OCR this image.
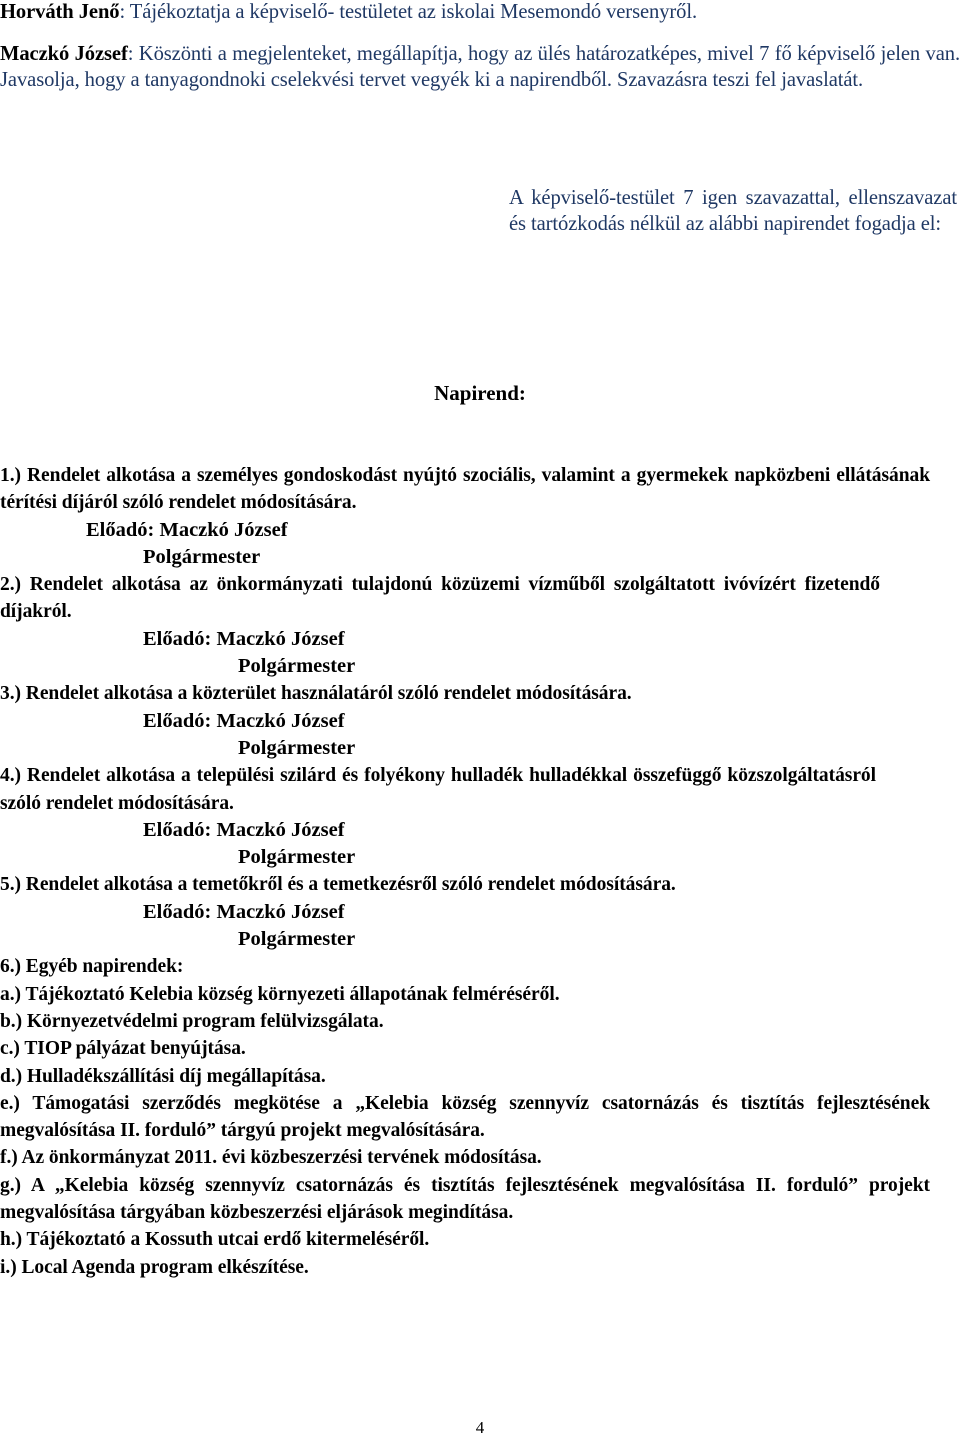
Horváth Jenő: Tájékoztatja a képviselő- testületet az iskolai Mesemondó versenyről.
Maczkó József: Köszönti a megjelenteket, megállapítja, hogy az ülés határozatképes, mivel 7 fő képviselő jelen van. Javasolja, hogy a tanyagondnoki cselekvési tervet vegyék ki a napirendből. Szavazásra teszi fel javaslatát.
A képviselő-testület 7 igen szavazattal, ellenszavazat és tartózkodás nélkül az alábbi napirendet fogadja el:
Napirend:
1.) Rendelet alkotása a személyes gondoskodást nyújtó szociális, valamint a gyermekek napközbeni ellátásának térítési díjáról szóló rendelet módosítására.
Előadó: Maczkó József
Polgármester
2.) Rendelet alkotása az önkormányzati tulajdonú közüzemi vízműből szolgáltatott ivóvízért fizetendő díjakról.
Előadó: Maczkó József
Polgármester
3.) Rendelet alkotása a közterület használatáról szóló rendelet módosítására.
Előadó: Maczkó József
Polgármester
4.) Rendelet alkotása a települési szilárd és folyékony hulladék hulladékkal összefüggő közszolgáltatásról szóló rendelet módosítására.
Előadó: Maczkó József
Polgármester
5.) Rendelet alkotása a temetőkről és a temetkezésről szóló rendelet módosítására.
Előadó: Maczkó József
Polgármester
6.) Egyéb napirendek:
a.) Tájékoztató Kelebia község környezeti állapotának felméréséről.
b.) Környezetvédelmi program felülvizsgálata.
c.) TIOP pályázat benyújtása.
d.) Hulladékszállítási díj megállapítása.
e.) Támogatási szerződés megkötése a „Kelebia község szennyvíz csatornázás és tisztítás fejlesztésének megvalósítása II. forduló” tárgyú projekt megvalósítására.
f.) Az önkormányzat 2011. évi közbeszerzési tervének módosítása.
g.) A „Kelebia község szennyvíz csatornázás és tisztítás fejlesztésének megvalósítása II. forduló” projekt megvalósítása tárgyában közbeszerzési eljárások megindítása.
h.) Tájékoztató a Kossuth utcai erdő kitermeléséről.
i.) Local Agenda program elkészítése.
4
